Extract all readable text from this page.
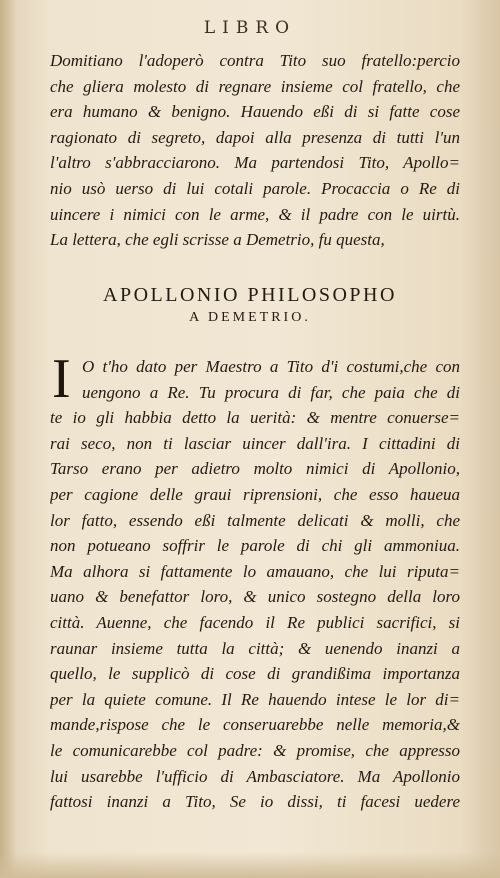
LIBRO
Domitiano l'adoperò contra Tito suo fratello:percio
che gliera molesto di regnare insieme col fratello, che
era humano & benigno. Hauendo eßi di si fatte cose
ragionato di segreto, dapoi alla presenza di tutti l'un
l'altro s'abbracciarono. Ma partendosi Tito, Apollo=
nio usò uerso di lui cotali parole. Procaccia o Re di
uincere i nimici con le arme, & il padre con le uirtù.
La lettera, che egli scrisse a Demetrio, fu questa,
APOLLONIO PHILOSOPHO
A DEMETRIO.
I O t'ho dato per Maestro a Tito d'i costumi,che con
uengono a Re. Tu procura di far, che paia che di
te io gli habbia detto la uerità: & mentre conuerse=
rai seco, non ti lasciar uincer dall'ira. I cittadini di
Tarso erano per adietro molto nimici di Apollonio,
per cagione delle graui riprensioni, che esso haueua
lor fatto, essendo eßi talmente delicati & molli, che
non potueano soffrir le parole di chi gli ammoniua.
Ma alhora si fattamente lo amauano, che lui riputa=
uano & benefattor loro, & unico sostegno della loro
città. Auenne, che facendo il Re publici sacrifici, si
raunar insieme tutta la città; & uenendo inanzi a
quello, le supplicò di cose di grandißima importanza
per la quiete comune. Il Re hauendo intese le lor di=
mande,rispose che le conseruarebbe nelle memoria,&
le comunicarebbe col padre: & promise, che appresso
lui usarebbe l'ufficio di Ambasciatore. Ma Apollonio
fattosi inanzi a Tito, Se io dissi, ti facesi uedere
